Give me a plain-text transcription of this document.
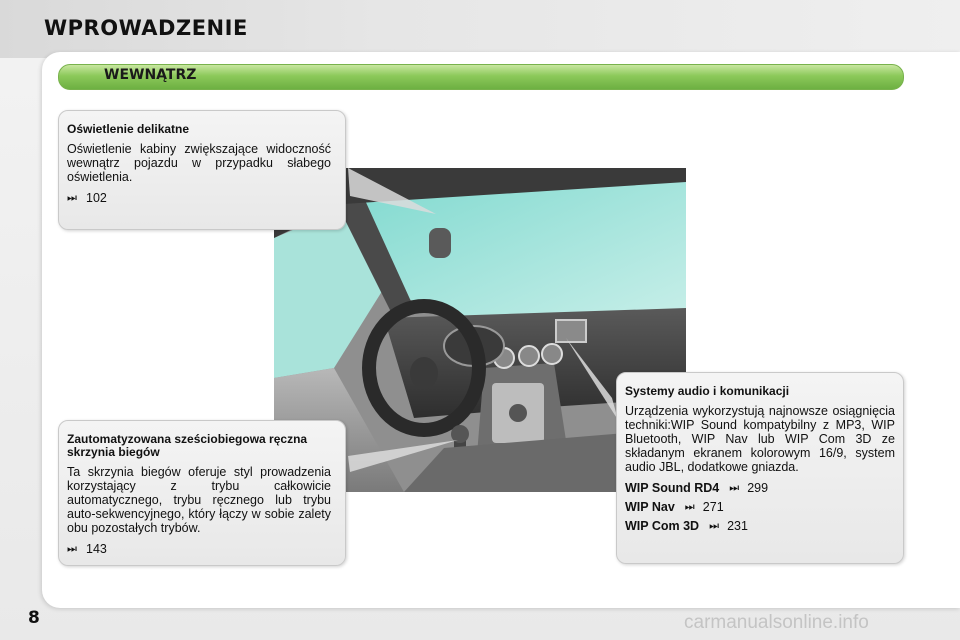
WPROWADZENIE
WEWNĄTRZ
Oświetlenie delikatne

Oświetlenie kabiny zwiększające widoczność wewnątrz pojazdu w przypadku słabego oświetlenia.

⏭ 102
Zautomatyzowana sześciobiegowa ręczna skrzynia biegów

Ta skrzynia biegów oferuje styl prowadzenia korzystający z trybu całkowicie automatycznego, trybu ręcznego lub trybu auto-sekwencyjnego, który łączy w sobie zalety obu pozostałych trybów.

⏭ 143
Systemy audio i komunikacji

Urządzenia wykorzystują najnowsze osiągnięcia techniki:WIP Sound kompatybilny z MP3, WIP Bluetooth, WIP Nav lub WIP Com 3D ze składanym ekranem kolorowym 16/9, system audio JBL, dodatkowe gniazda.

WIP Sound RD4 ⏭ 299
WIP Nav ⏭ 271
WIP Com 3D ⏭ 231
8	carmanualsonline.info
